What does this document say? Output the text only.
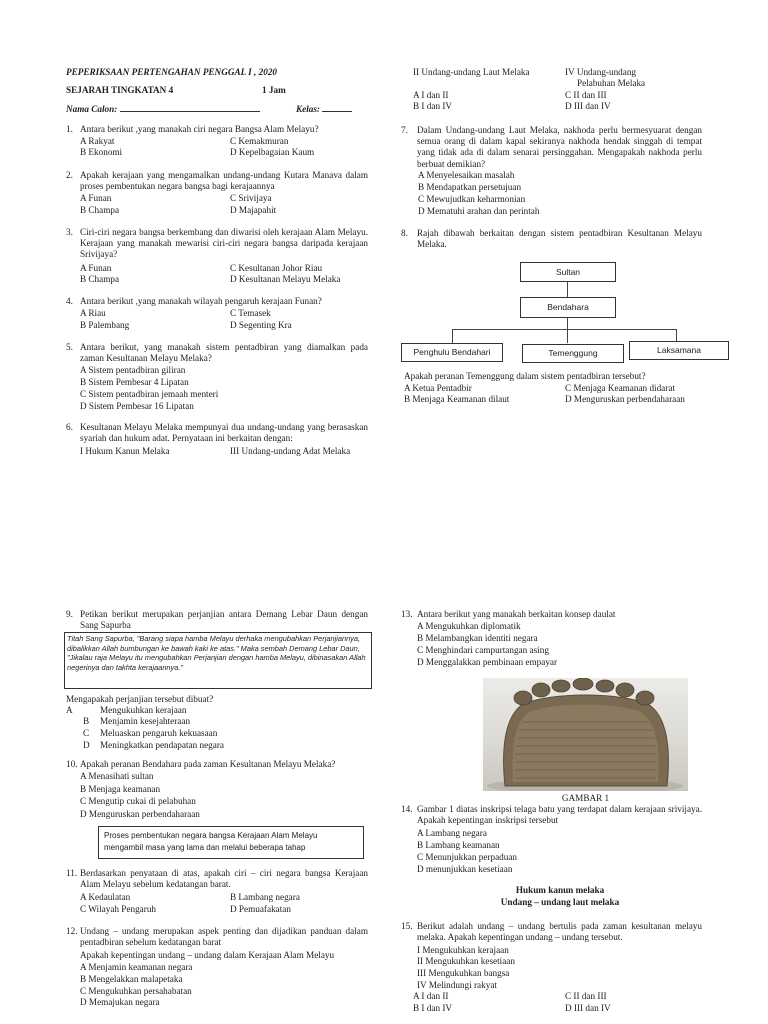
PEPERIKSAAN PERTENGAHAN PENGGAL I , 2020
SEJARAH TINGKATAN 4	1 Jam
Nama Calon:	Kelas:
1. Antara berikut ,yang manakah ciri negara Bangsa Alam Melayu?
A Rakyat	C Kemakmuran
B Ekonomi	D Kepelbagaian Kaum
2. Apakah kerajaan yang mengamalkan undang-undang Kutara Manava dalam proses pembentukan negara bangsa bagi kerajaannya
A Funan	C Srivijaya
B Champa	D Majapahit
3. Ciri-ciri negara bangsa berkembang dan diwarisi oleh kerajaan Alam Melayu. Kerajaan yang manakah mewarisi ciri-ciri negara bangsa daripada kerajaan Srivijaya?
A Funan	C Kesultanan Johor Riau
B Champa	D Kesultanan Melayu Melaka
4. Antara berikut ,yang manakah wilayah pengaruh kerajaan Funan?
A Riau	C Temasek
B Palembang	D Segenting Kra
5. Antara berikut, yang manakah sistem pentadbiran yang diamalkan pada zaman Kesultanan Melayu Melaka?
A Sistem pentadbiran giliran
B Sistem Pembesar 4 Lipatan
C Sistem pentadbiran jemaah menteri
D Sistem Pembesar 16 Lipatan
6. Kesultanan Melayu Melaka mempunyai dua undang-undang yang berasaskan syariah dan hukum adat. Pernyataan ini berkaitan dengan:
I Hukum Kanun Melaka	III Undang-undang Adat Melaka
II Undang-undang Laut Melaka	IV Undang-undang
Pelabuhan Melaka
A I dan II	C II dan III
B I dan IV	D III dan IV
7. Dalam Undang-undang Laut Melaka, nakhoda perlu bermesyuarat dengan semua orang di dalam kapal sekiranya nakhoda hendak singgah di tempat yang tidak ada di dalam senarai persinggahan. Mengapakah nakhoda perlu berbuat demikian?
A Menyelesaikan masalah
B Mendapatkan persetujuan
C Mewujudkan keharmonian
D Mematuhi arahan dan perintah
8. Rajah dibawah berkaitan dengan sistem pentadbiran Kesultanan Melayu Melaka.
Sultan
Bendahara
Penghulu Bendahari	Temenggung	Laksamana
Apakah peranan Temenggung dalam sistem pentadbiran tersebut?
A Ketua Pentadbir	C Menjaga Keamanan didarat
B Menjaga Keamanan dilaut	D Menguruskan perbendaharaan
9. Petikan berikut merupakan perjanjian antara Demang Lebar Daun dengan Sang Sapurba
Titah Sang Sapurba, "Barang siapa hamba Melayu derhaka mengubahkan Perjanjiannya, dibalikkan Allah bumbungan ke bawah kaki ke atas." Maka sembah Demang Lebar Daun, "Jikalau raja Melayu itu mengubahkan Perjanjian dengan hamba Melayu, dibinasakan Allah negerinya dan takhta kerajaannya."
Mengapakah perjanjian tersebut dibuat?
A	Mengukuhkan kerajaan
B Menjamin kesejahteraan
C Meluaskan pengaruh kekuasaan
D Meningkatkan pendapatan negara
10. Apakah peranan Bendahara pada zaman Kesultanan Melayu Melaka?
A Menasihati sultan
B Menjaga keamanan
C Mengutip cukai di pelabuhan
D Menguruskan perbendaharaan
Proses pembentukan negara bangsa Kerajaan Alam Melayu mengambil masa yang lama dan melalui beberapa tahap
11. Berdasarkan penyataan di atas, apakah ciri – ciri negara bangsa Kerajaan Alam Melayu sebelum kedatangan barat.
A Kedaulatan	B Lambang negara
C Wilayah Pengaruh	D Pemuafakatan
12. Undang – undang merupakan aspek penting dan dijadikan panduan dalam pentadbiran sebelum kedatangan barat
Apakah kepentingan undang – undang dalam Kerajaan Alam Melayu
A Menjamin keamanan negara
B Mengelakkan malapetaka
C Mengukuhkan persahabatan
D Memajukan negara
13. Antara berikut yang manakah berkaitan konsep daulat
A Mengukuhkan diplomatik
B Melambangkan identiti negara
C Menghindari campurtangan asing
D Menggalakkan pembinaan empayar
GAMBAR 1
14. Gambar 1 diatas inskripsi telaga batu yang terdapat dalam kerajaan srivijaya. Apakah kepentingan inskripsi tersebut
A Lambang negara
B Lambang keamanan
C Menunjukkan perpaduan
D menunjukkan kesetiaan
Hukum kanun melaka
Undang – undang laut melaka
15. Berikut adalah undang – undang bertulis pada zaman kesultanan melayu melaka. Apakah kepentingan undang – undang tersebut.
I Mengukuhkan kerajaan
II Mengukuhkan kesetiaan
III Mengukuhkan bangsa
IV Melindungi rakyat
A I dan II	C II dan III
B I dan IV	D III dan IV
